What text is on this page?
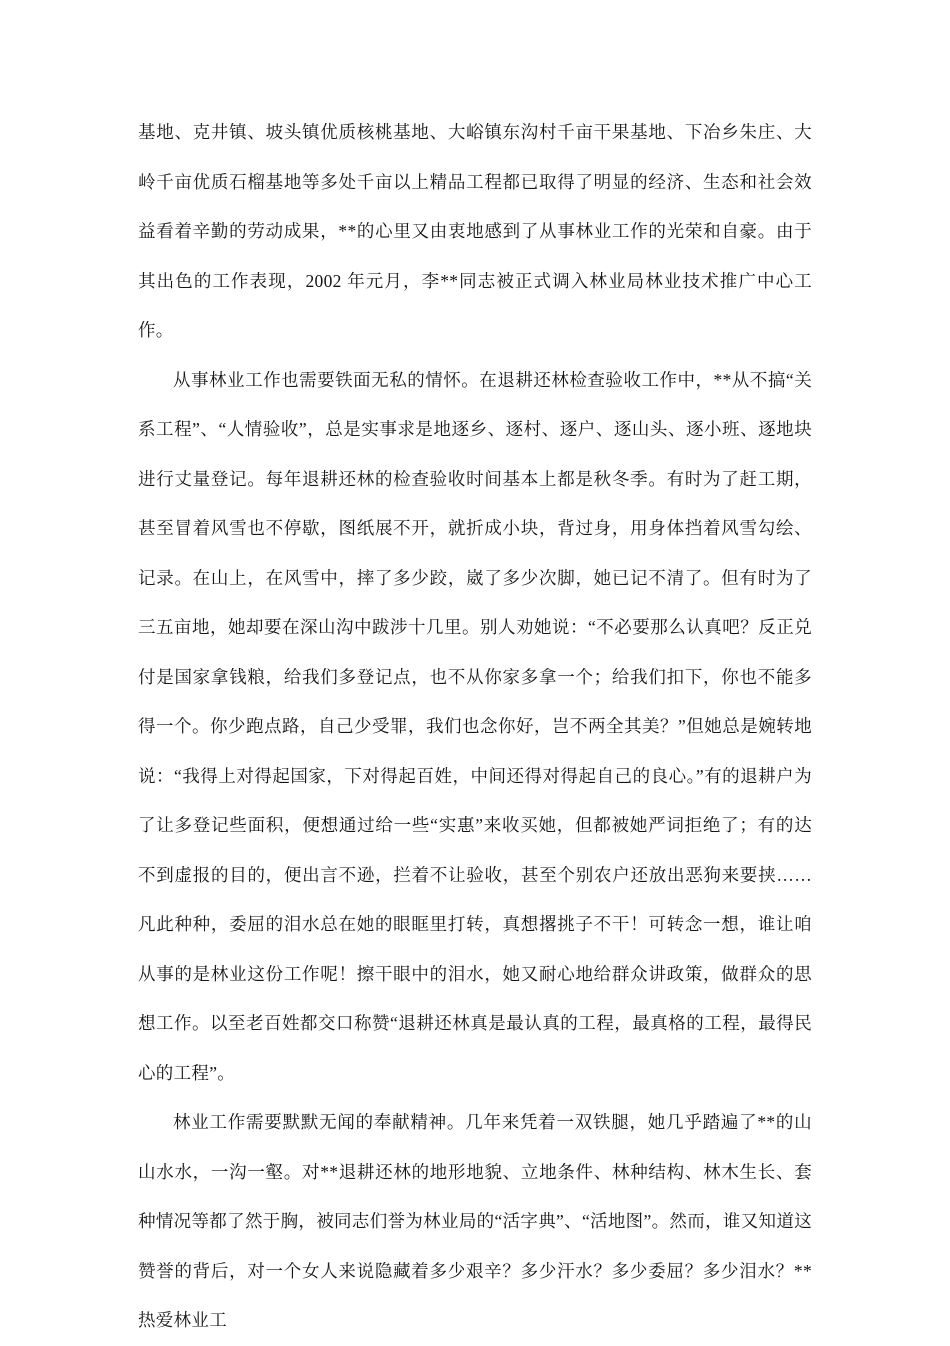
基地、克井镇、坡头镇优质核桃基地、大峪镇东沟村千亩干果基地、下冶乡朱庄、大岭千亩优质石榴基地等多处千亩以上精品工程都已取得了明显的经济、生态和社会效益看着辛勤的劳动成果，**的心里又由衷地感到了从事林业工作的光荣和自豪。由于其出色的工作表现，2002 年元月，李**同志被正式调入林业局林业技术推广中心工作。

从事林业工作也需要铁面无私的情怀。在退耕还林检查验收工作中，**从不搞“关系工程”、“人情验收”，总是实事求是地逐乡、逐村、逐户、逐山头、逐小班、逐地块进行丈量登记。每年退耕还林的检查验收时间基本上都是秋冬季。有时为了赶工期，甚至冒着风雪也不停歇，图纸展不开，就折成小块，背过身，用身体挡着风雪勾绘、记录。在山上，在风雪中，摔了多少跤，崴了多少次脚，她已记不清了。但有时为了三五亩地，她却要在深山沟中跋涉十几里。别人劝她说：“不必要那么认真吧？反正兑付是国家拿钱粮，给我们多登记点，也不从你家多拿一个；给我们扣下，你也不能多得一个。你少跑点路，自己少受罪，我们也念你好，岂不两全其美？”但她总是婉转地说：“我得上对得起国家，下对得起百姓，中间还得对得起自己的良心。”有的退耕户为了让多登记些面积，便想通过给一些“实惠”来收买她，但都被她严词拒绝了；有的达不到虚报的目的，便出言不逊，拦着不让验收，甚至个别农户还放出恶狗来要挟……凡此种种，委屈的泪水总在她的眼眶里打转，真想撂挑子不干！可转念一想，谁让咱从事的是林业这份工作呢！擦干眼中的泪水，她又耐心地给群众讲政策，做群众的思想工作。以至老百姓都交口称赞“退耕还林真是最认真的工程，最真格的工程，最得民心的工程”。

林业工作需要默默无闻的奉献精神。几年来凭着一双铁腿，她几乎踏遍了**的山山水水，一沟一壑。对**退耕还林的地形地貌、立地条件、林种结构、林木生长、套种情况等都了然于胸，被同志们誉为林业局的“活字典”、“活地图”。然而，谁又知道这赞誉的背后，对一个女人来说隐藏着多少艰辛？多少汗水？多少委屈？多少泪水？**热爱林业工
